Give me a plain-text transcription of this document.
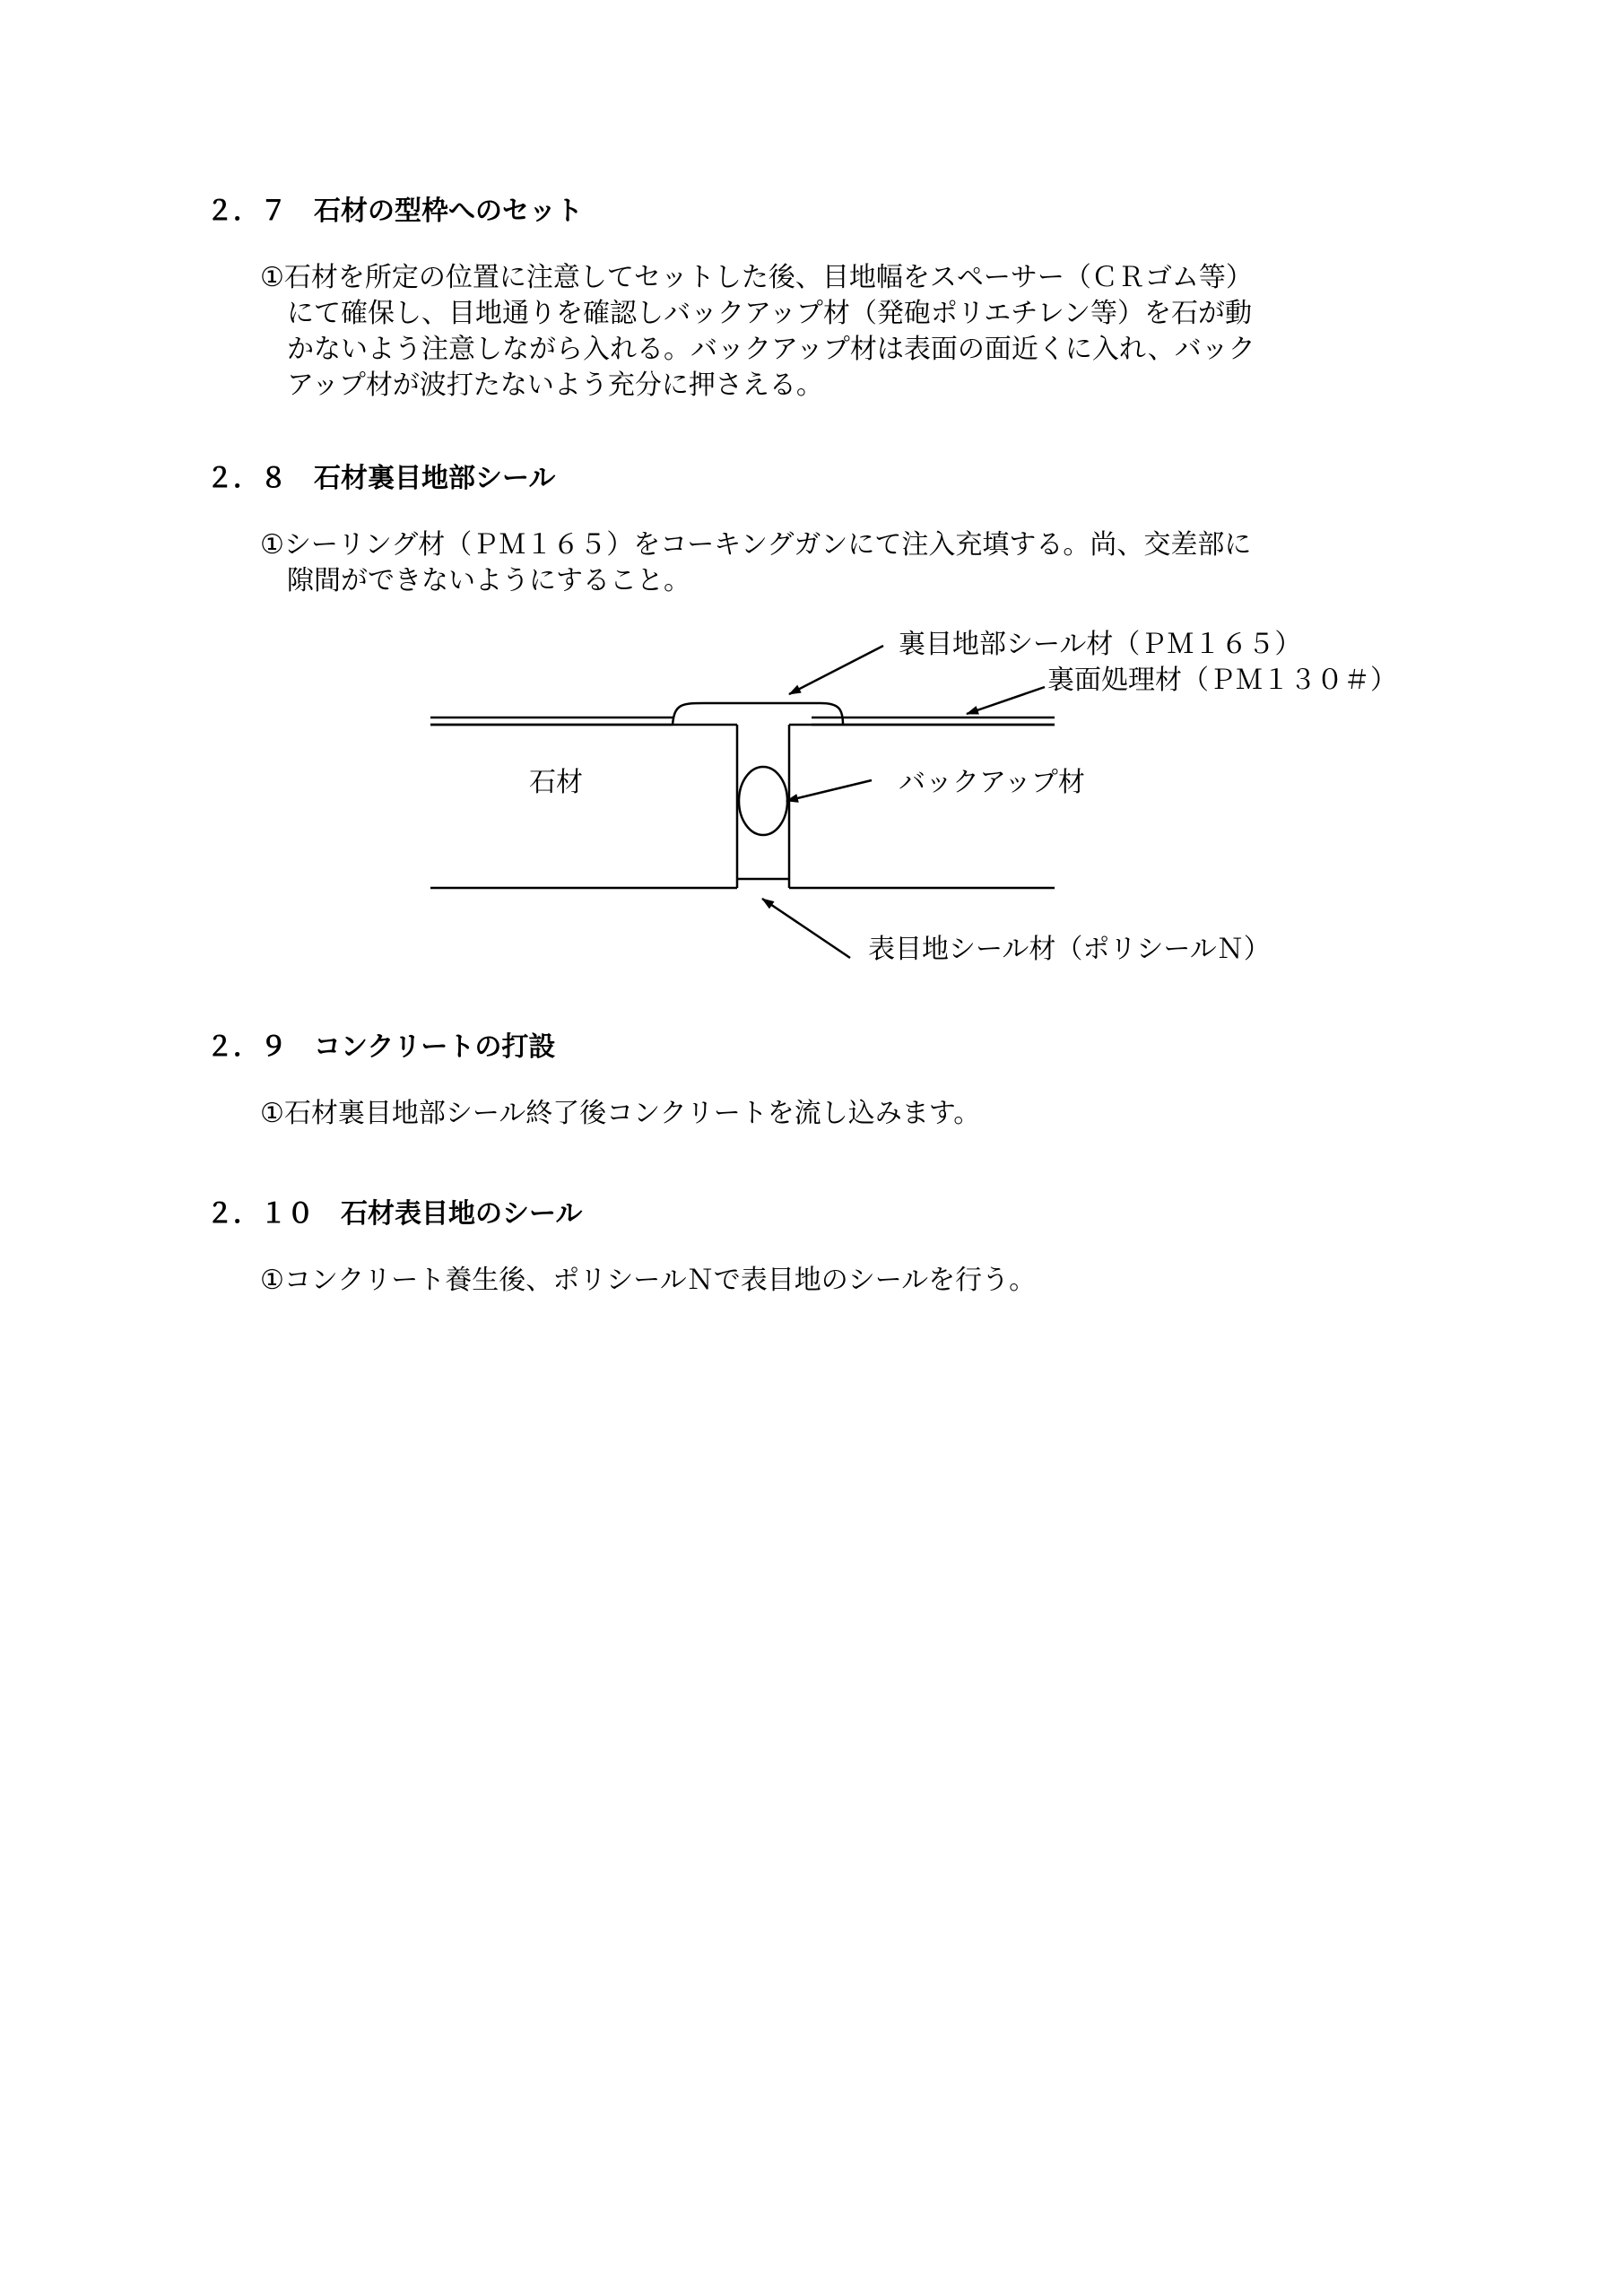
２．７　石材の型枠へのセット
①石材を所定の位置に注意してセットした後、目地幅をスペーサー（ＣＲゴム等）
にて確保し、目地通りを確認しバックアップ材（発砲ポリエチレン等）を石が動
かないよう注意しながら入れる。バックアップ材は表面の面近くに入れ、バック
アップ材が波打たないよう充分に押さえる。
２．８　石材裏目地部シール
①シーリング材（ＰＭ１６５）をコーキングガンにて注入充填する。尚、交差部に
隙間ができないようにすること。
裏目地部シール材（ＰＭ１６５）
裏面処理材（ＰＭ１３０＃）
石材	バックアップ材
表目地シール材（ポリシールＮ）
２．９　コンクリートの打設
①石材裏目地部シール終了後コンクリートを流し込みます。
２．１０　石材表目地のシール
①コンクリート養生後、ポリシールＮで表目地のシールを行う。
